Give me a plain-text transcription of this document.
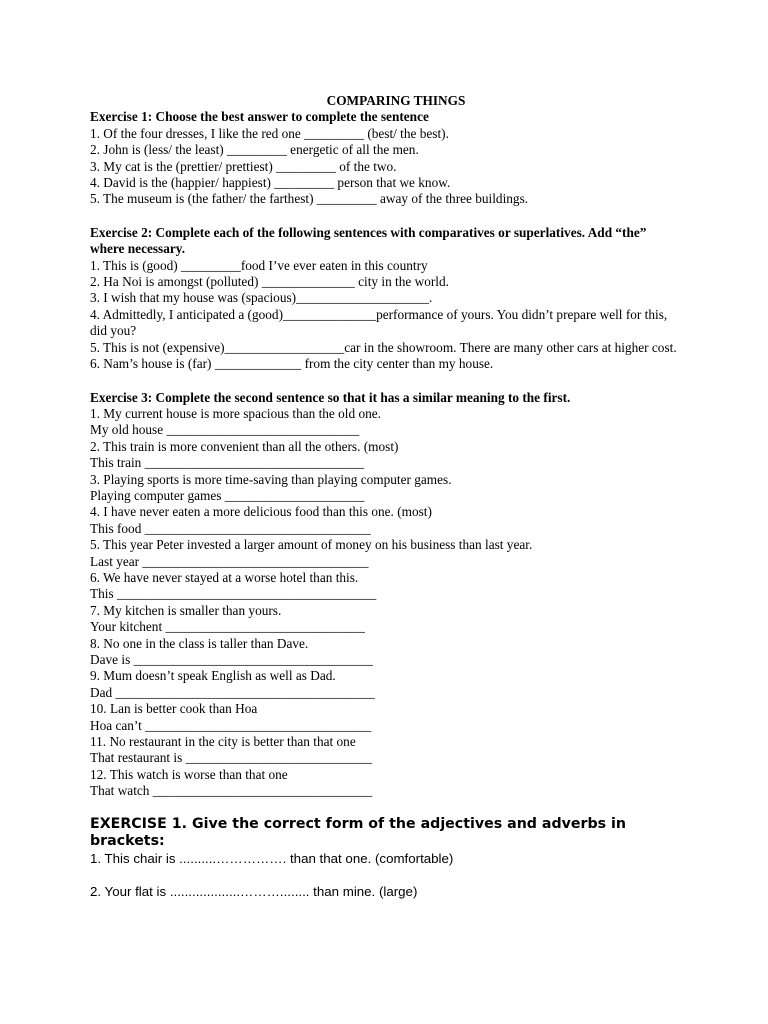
COMPARING THINGS
Exercise 1: Choose the best answer to complete the sentence
1. Of the four dresses, I like the red one _________ (best/ the best).
2. John is (less/ the least) _________ energetic of all the men.
3. My cat is the (prettier/ prettiest) _________ of the two.
4. David is the (happier/ happiest) _________ person that we know.
5. The museum is (the father/ the farthest) _________ away of the three buildings.
Exercise 2: Complete each of the following sentences with comparatives or superlatives. Add “the” where necessary.
1. This is (good) _________food I’ve ever eaten in this country
2. Ha Noi is amongst (polluted) ______________ city in the world.
3. I wish that my house was (spacious)____________________.
4. Admittedly, I anticipated a (good)______________performance of yours. You didn’t prepare well for this, did you?
5. This is not (expensive)__________________car in the showroom. There are many other cars at higher cost.
6. Nam’s house is (far) _____________ from the city center than my house.
Exercise 3: Complete the second sentence so that it has a similar meaning to the first.
1. My current house is more spacious than the old one.
My old house _____________________________
2. This train is more convenient than all the others. (most)
This train _________________________________
3. Playing sports is more time-saving than playing computer games.
Playing computer games _____________________
4. I have never eaten a more delicious food than this one. (most)
This food __________________________________
5. This year Peter invested a larger amount of money on his business than last year.
Last year __________________________________
6. We have never stayed at a worse hotel than this.
This _______________________________________
7. My kitchen is smaller than yours.
Your kitchent ______________________________
8. No one in the class is taller than Dave.
Dave is ____________________________________
9. Mum doesn’t speak English as well as Dad.
Dad _______________________________________
10. Lan is better cook than Hoa
Hoa can’t __________________________________
11. No restaurant in the city is better than that one
That restaurant is ____________________________
12. This watch is worse than that one
That watch _________________________________
EXERCISE 1. Give the correct form of the adjectives and adverbs in brackets:
1. This chair is ..........……………. than that one. (comfortable)
2. Your flat is ...................………........ than mine. (large)
